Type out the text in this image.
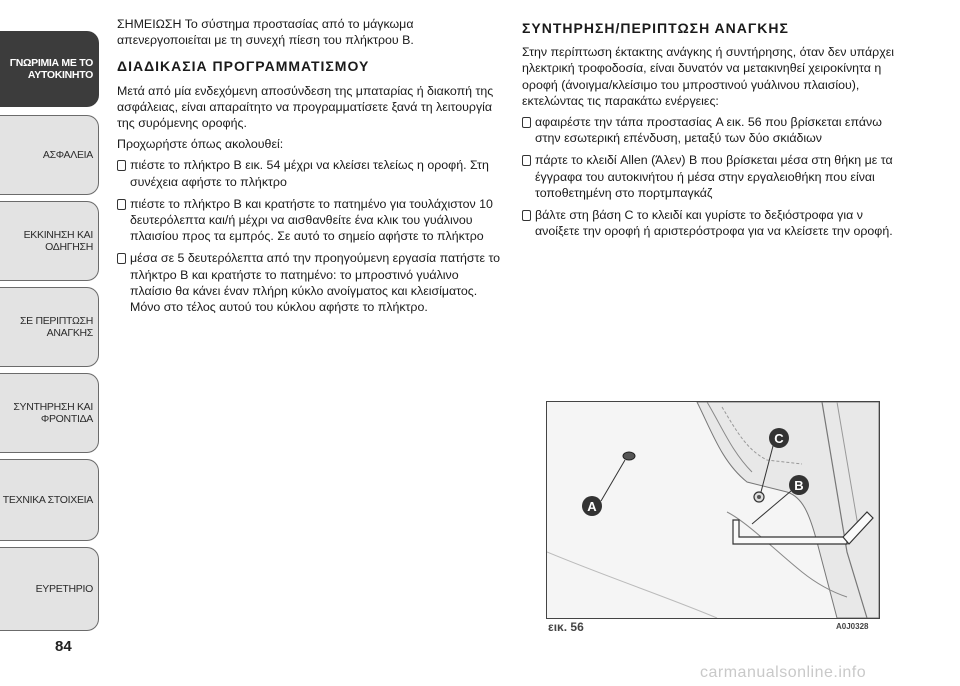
ΓΝΩΡΙΜΙΑ ΜΕ ΤΟ
ΑΥΤΟΚΙΝΗΤΟ
ΑΣΦΑΛΕΙΑ
ΕΚΚΙΝΗΣΗ ΚΑΙ
ΟΔΗΓΗΣΗ
ΣΕ ΠΕΡΙΠΤΩΣΗ
ΑΝΑΓΚΗΣ
ΣΥΝΤΗΡΗΣΗ ΚΑΙ
ΦΡΟΝΤΙΔΑ
ΤΕΧΝΙΚΑ ΣΤΟΙΧΕΙΑ
ΕΥΡΕΤΗΡΙΟ
84

ΣΗΜΕΙΩΣΗ Το σύστημα προστασίας από το μάγκωμα απενεργοποιείται με τη συνεχή πίεση του πλήκτρου B.

ΔΙΑΔΙΚΑΣΙΑ ΠΡΟΓΡΑΜΜΑΤΙΣΜΟΥ

Μετά από μία ενδεχόμενη αποσύνδεση της μπαταρίας ή διακοπή της ασφάλειας, είναι απαραίτητο να προγραμματίσετε ξανά τη λειτουργία της συρόμενης οροφής.

Προχωρήστε όπως ακολουθεί:

πιέστε το πλήκτρο B εικ. 54 μέχρι να κλείσει τελείως η οροφή. Στη συνέχεια αφήστε το πλήκτρο
πιέστε το πλήκτρο B και κρατήστε το πατημένο για τουλάχιστον 10 δευτερόλεπτα και/ή μέχρι να αισθανθείτε ένα κλικ του γυάλινου πλαισίου προς τα εμπρός. Σε αυτό το σημείο αφήστε το πλήκτρο
μέσα σε 5 δευτερόλεπτα από την προηγούμενη εργασία πατήστε το πλήκτρο B και κρατήστε το πατημένο: το μπροστινό γυάλινο πλαίσιο θα κάνει έναν πλήρη κύκλο ανοίγματος και κλεισίματος. Μόνο στο τέλος αυτού του κύκλου αφήστε το πλήκτρο.
ΣΥΝΤΗΡΗΣΗ/ΠΕΡΙΠΤΩΣΗ ΑΝΑΓΚΗΣ

Στην περίπτωση έκτακτης ανάγκης ή συντήρησης, όταν δεν υπάρχει ηλεκτρική τροφοδοσία, είναι δυνατόν να μετακινηθεί χειροκίνητα η οροφή (άνοιγμα/κλείσιμο του μπροστινού γυάλινου πλαισίου), εκτελώντας τις παρακάτω ενέργειες:

αφαιρέστε την τάπα προστασίας A εικ. 56 που βρίσκεται επάνω στην εσωτερική επένδυση, μεταξύ των δύο σκιάδιων
πάρτε το κλειδί Allen (Άλεν) B που βρίσκεται μέσα στη θήκη με τα έγγραφα του αυτοκινήτου ή μέσα στην εργαλειοθήκη που είναι τοποθετημένη στο πορτμπαγκάζ
βάλτε στη βάση C το κλειδί και γυρίστε το δεξιόστροφα για ν ανοίξετε την οροφή ή αριστερόστροφα για να κλείσετε την οροφή.
A
B
C
εικ. 56	A0J0328
carmanualsonline.info
